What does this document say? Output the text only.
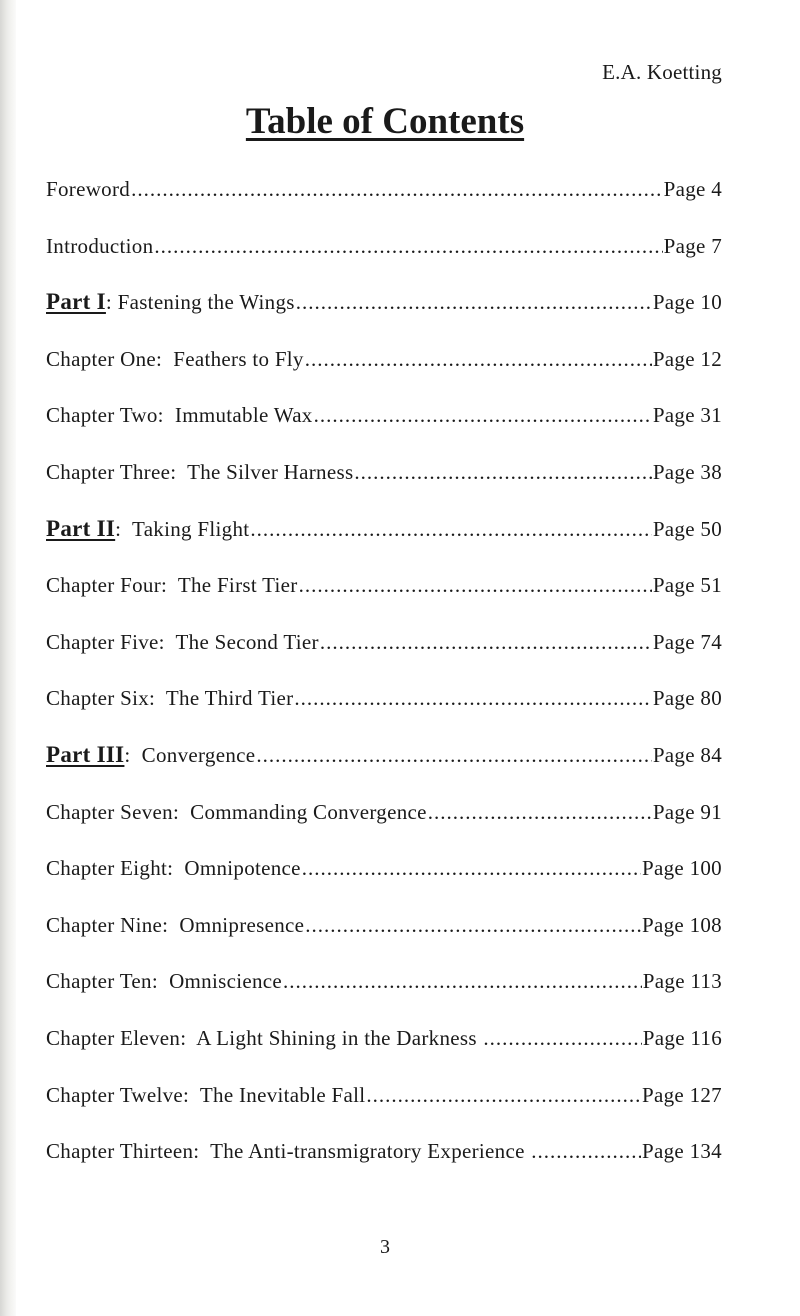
E.A. Koetting
Table of Contents
Foreword .....	Page 4
Introduction .....	Page 7
Part I: Fastening the Wings .....	Page 10
Chapter One:  Feathers to Fly .....	Page 12
Chapter Two:  Immutable Wax .....	Page 31
Chapter Three:  The Silver Harness .....	Page 38
Part II:  Taking Flight .....	Page 50
Chapter Four:  The First Tier .....	Page 51
Chapter Five:  The Second Tier .....	Page 74
Chapter Six:  The Third Tier .....	Page 80
Part III:  Convergence .....	Page 84
Chapter Seven:  Commanding Convergence .....	Page 91
Chapter Eight:  Omnipotence .....	Page 100
Chapter Nine:  Omnipresence .....	Page 108
Chapter Ten:  Omniscience .....	Page 113
Chapter Eleven:  A Light Shining in the Darkness .....	Page 116
Chapter Twelve:  The Inevitable Fall .....	Page 127
Chapter Thirteen:  The Anti-transmigratory Experience .....	Page 134
3
